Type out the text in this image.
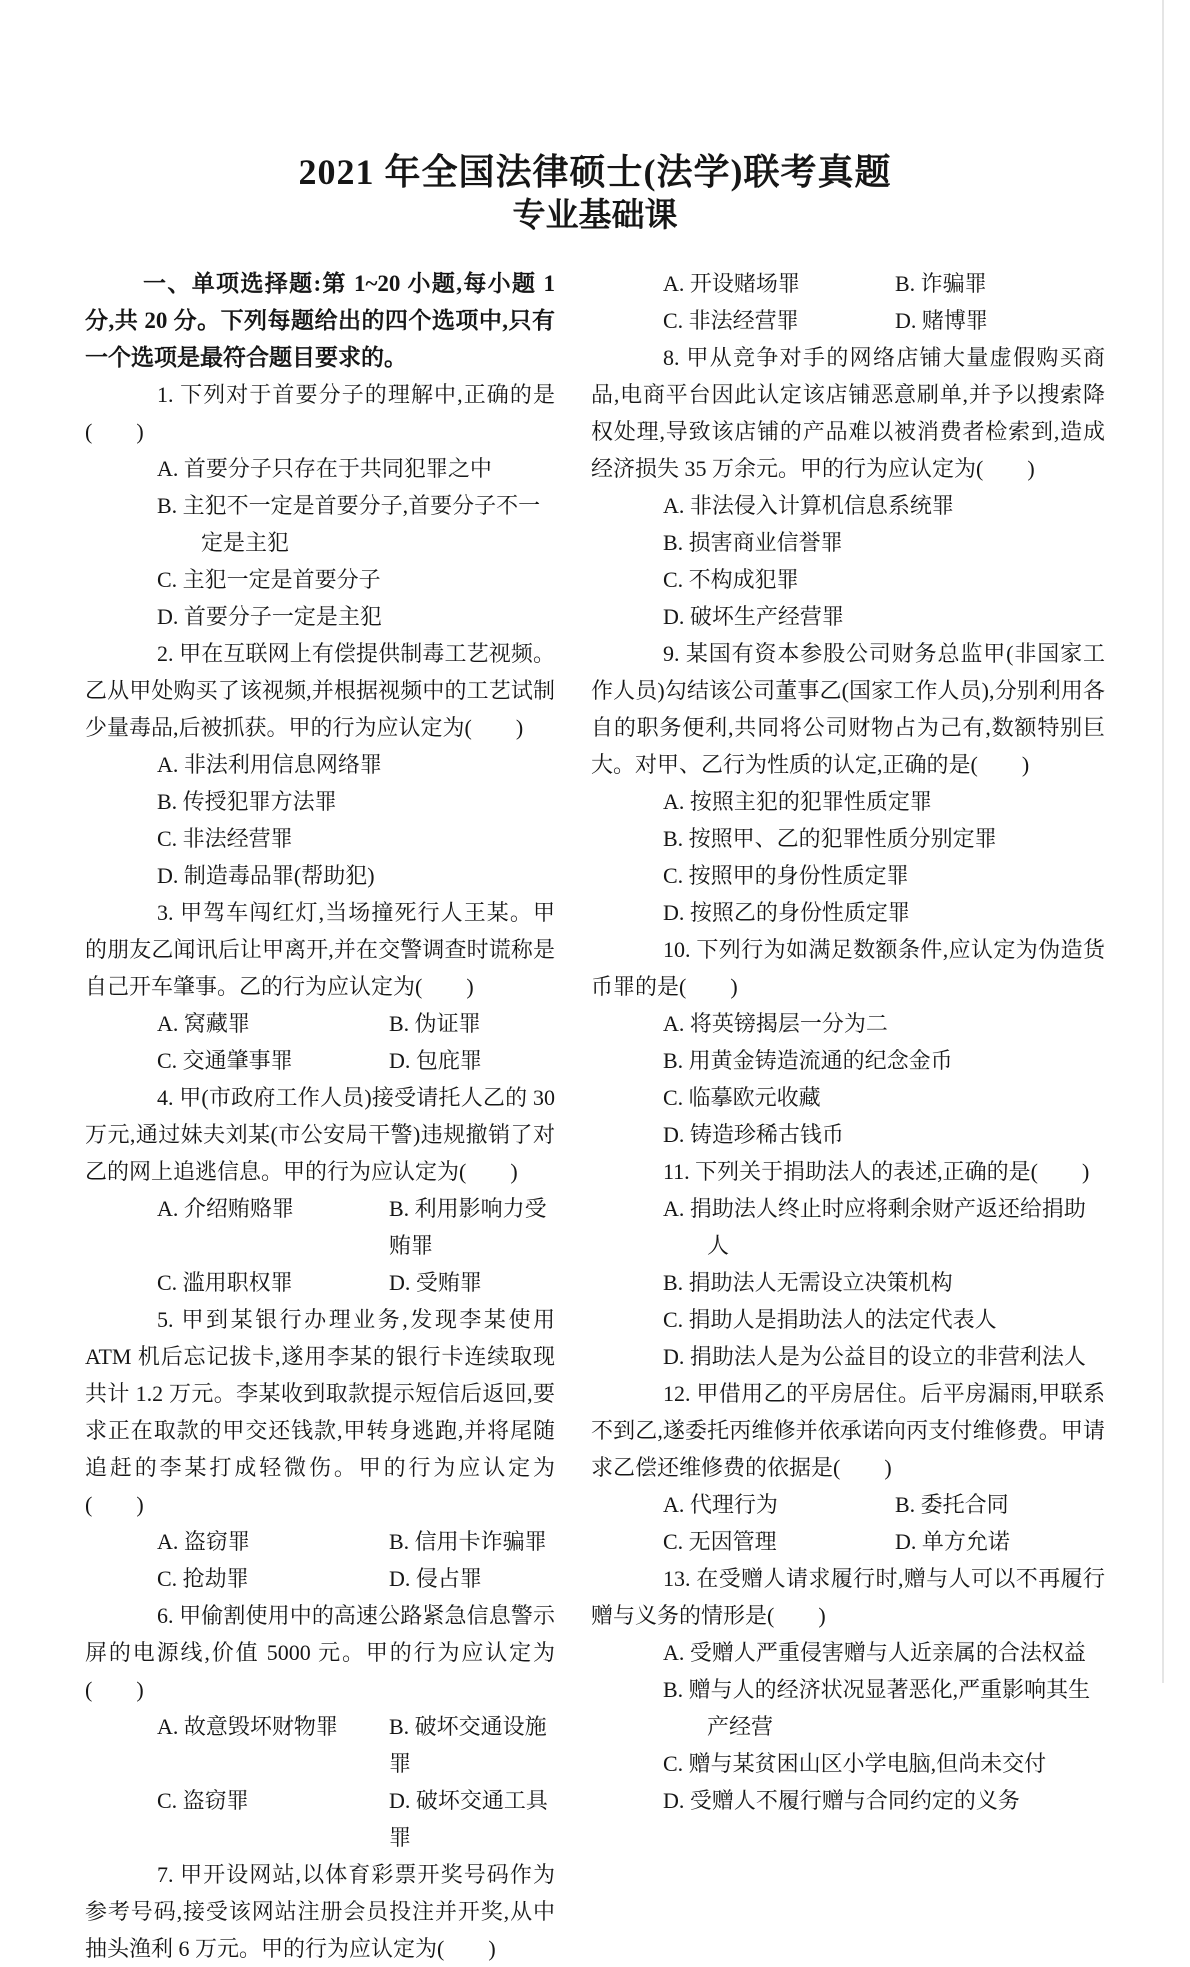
2021 年全国法律硕士(法学)联考真题

专业基础课

一、单项选择题:第 1~20 小题,每小题 1 分,共 20 分。下列每题给出的四个选项中,只有一个选项是最符合题目要求的。

1. 下列对于首要分子的理解中,正确的是(　　)

A. 首要分子只存在于共同犯罪之中

B. 主犯不一定是首要分子,首要分子不一定是主犯

C. 主犯一定是首要分子

D. 首要分子一定是主犯

2. 甲在互联网上有偿提供制毒工艺视频。乙从甲处购买了该视频,并根据视频中的工艺试制少量毒品,后被抓获。甲的行为应认定为(　　)

A. 非法利用信息网络罪

B. 传授犯罪方法罪

C. 非法经营罪

D. 制造毒品罪(帮助犯)

3. 甲驾车闯红灯,当场撞死行人王某。甲的朋友乙闻讯后让甲离开,并在交警调查时谎称是自己开车肇事。乙的行为应认定为(　　)

A. 窝藏罪	B. 伪证罪
C. 交通肇事罪	D. 包庇罪

4. 甲(市政府工作人员)接受请托人乙的 30 万元,通过妹夫刘某(市公安局干警)违规撤销了对乙的网上追逃信息。甲的行为应认定为(　　)

A. 介绍贿赂罪	B. 利用影响力受贿罪
C. 滥用职权罪	D. 受贿罪

5. 甲到某银行办理业务,发现李某使用 ATM 机后忘记拔卡,遂用李某的银行卡连续取现共计 1.2 万元。李某收到取款提示短信后返回,要求正在取款的甲交还钱款,甲转身逃跑,并将尾随追赶的李某打成轻微伤。甲的行为应认定为(　　)

A. 盗窃罪	B. 信用卡诈骗罪
C. 抢劫罪	D. 侵占罪

6. 甲偷割使用中的高速公路紧急信息警示屏的电源线,价值 5000 元。甲的行为应认定为(　　)

A. 故意毁坏财物罪	B. 破坏交通设施罪
C. 盗窃罪	D. 破坏交通工具罪

7. 甲开设网站,以体育彩票开奖号码作为参考号码,接受该网站注册会员投注并开奖,从中抽头渔利 6 万元。甲的行为应认定为(　　)

A. 开设赌场罪	B. 诈骗罪
C. 非法经营罪	D. 赌博罪

8. 甲从竞争对手的网络店铺大量虚假购买商品,电商平台因此认定该店铺恶意刷单,并予以搜索降权处理,导致该店铺的产品难以被消费者检索到,造成经济损失 35 万余元。甲的行为应认定为(　　)

A. 非法侵入计算机信息系统罪

B. 损害商业信誉罪

C. 不构成犯罪

D. 破坏生产经营罪

9. 某国有资本参股公司财务总监甲(非国家工作人员)勾结该公司董事乙(国家工作人员),分别利用各自的职务便利,共同将公司财物占为己有,数额特别巨大。对甲、乙行为性质的认定,正确的是(　　)

A. 按照主犯的犯罪性质定罪

B. 按照甲、乙的犯罪性质分别定罪

C. 按照甲的身份性质定罪

D. 按照乙的身份性质定罪

10. 下列行为如满足数额条件,应认定为伪造货币罪的是(　　)

A. 将英镑揭层一分为二

B. 用黄金铸造流通的纪念金币

C. 临摹欧元收藏

D. 铸造珍稀古钱币

11. 下列关于捐助法人的表述,正确的是(　　)

A. 捐助法人终止时应将剩余财产返还给捐助人

B. 捐助法人无需设立决策机构

C. 捐助人是捐助法人的法定代表人

D. 捐助法人是为公益目的设立的非营利法人

12. 甲借用乙的平房居住。后平房漏雨,甲联系不到乙,遂委托丙维修并依承诺向丙支付维修费。甲请求乙偿还维修费的依据是(　　)

A. 代理行为	B. 委托合同
C. 无因管理	D. 单方允诺

13. 在受赠人请求履行时,赠与人可以不再履行赠与义务的情形是(　　)

A. 受赠人严重侵害赠与人近亲属的合法权益

B. 赠与人的经济状况显著恶化,严重影响其生产经营

C. 赠与某贫困山区小学电脑,但尚未交付

D. 受赠人不履行赠与合同约定的义务
